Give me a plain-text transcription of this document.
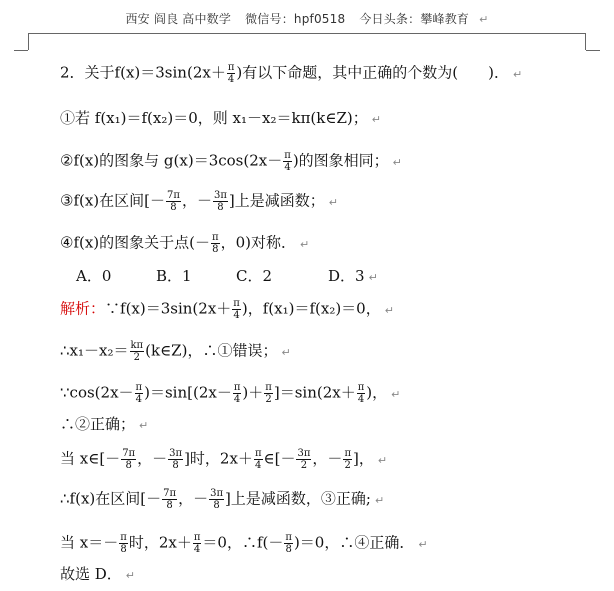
西安 阎良 高中数学 微信号：hpf0518 今日头条：攀峰教育 ↵
2．关于$f(x)=3\sin(2x+ \frac{\pi}{4}$ )有以下命题，其中正确的个数为(　　)． ↵
①若 f(x₁)＝f(x₂)＝0，则 x₁－x₂＝kπ(k∈Z)； ↵
②f(x)的图象与 $g(x)=3\cos(2x- \frac{\pi}{4}$ )的图象相同； ↵
③f(x)在区间[－ $\frac{7\pi}{8}$ ，－ $\frac{3\pi}{8}$ ]上是减函数； ↵
④f(x)的图象关于点(－ $\frac{\pi}{8}$ ，0)对称． ↵
A．0	B．1	C．2	D．3 ↵
解析：∵f(x)＝3sin(2x＋ $\frac{\pi}{4}$ )，f(x₁)＝f(x₂)＝0， ↵
∴x₁－x₂＝ $\frac{k\pi}{2}$ (k∈Z)，∴①错误； ↵
∵cos(2x－ $\frac{\pi}{4} )=\sin[(2x- \frac{\pi}{4}$ )＋ $\frac{\pi}{2} ]=\sin(2x+ \frac{\pi}{4}$ )， ↵
∴②正确； ↵
当 x∈[－ $\frac{7\pi}{8}$ ，－ $\frac{3\pi}{8}$ ]时，$2x+ \frac{\pi}{4}$ ∈[－ $\frac{3\pi}{2}$ ，－ $\frac{\pi}{2}$ ]， ↵
∴f(x)在区间[－ $\frac{7\pi}{8}$ ，－ $\frac{3\pi}{8}$ ]上是减函数，③正确; ↵
当 $x=- \frac{\pi}{8}$ 时，$2x+ \frac{\pi}{4} =0$，∴f(－ $\frac{\pi}{8} )=0$，∴④正确． ↵
故选 D． ↵
